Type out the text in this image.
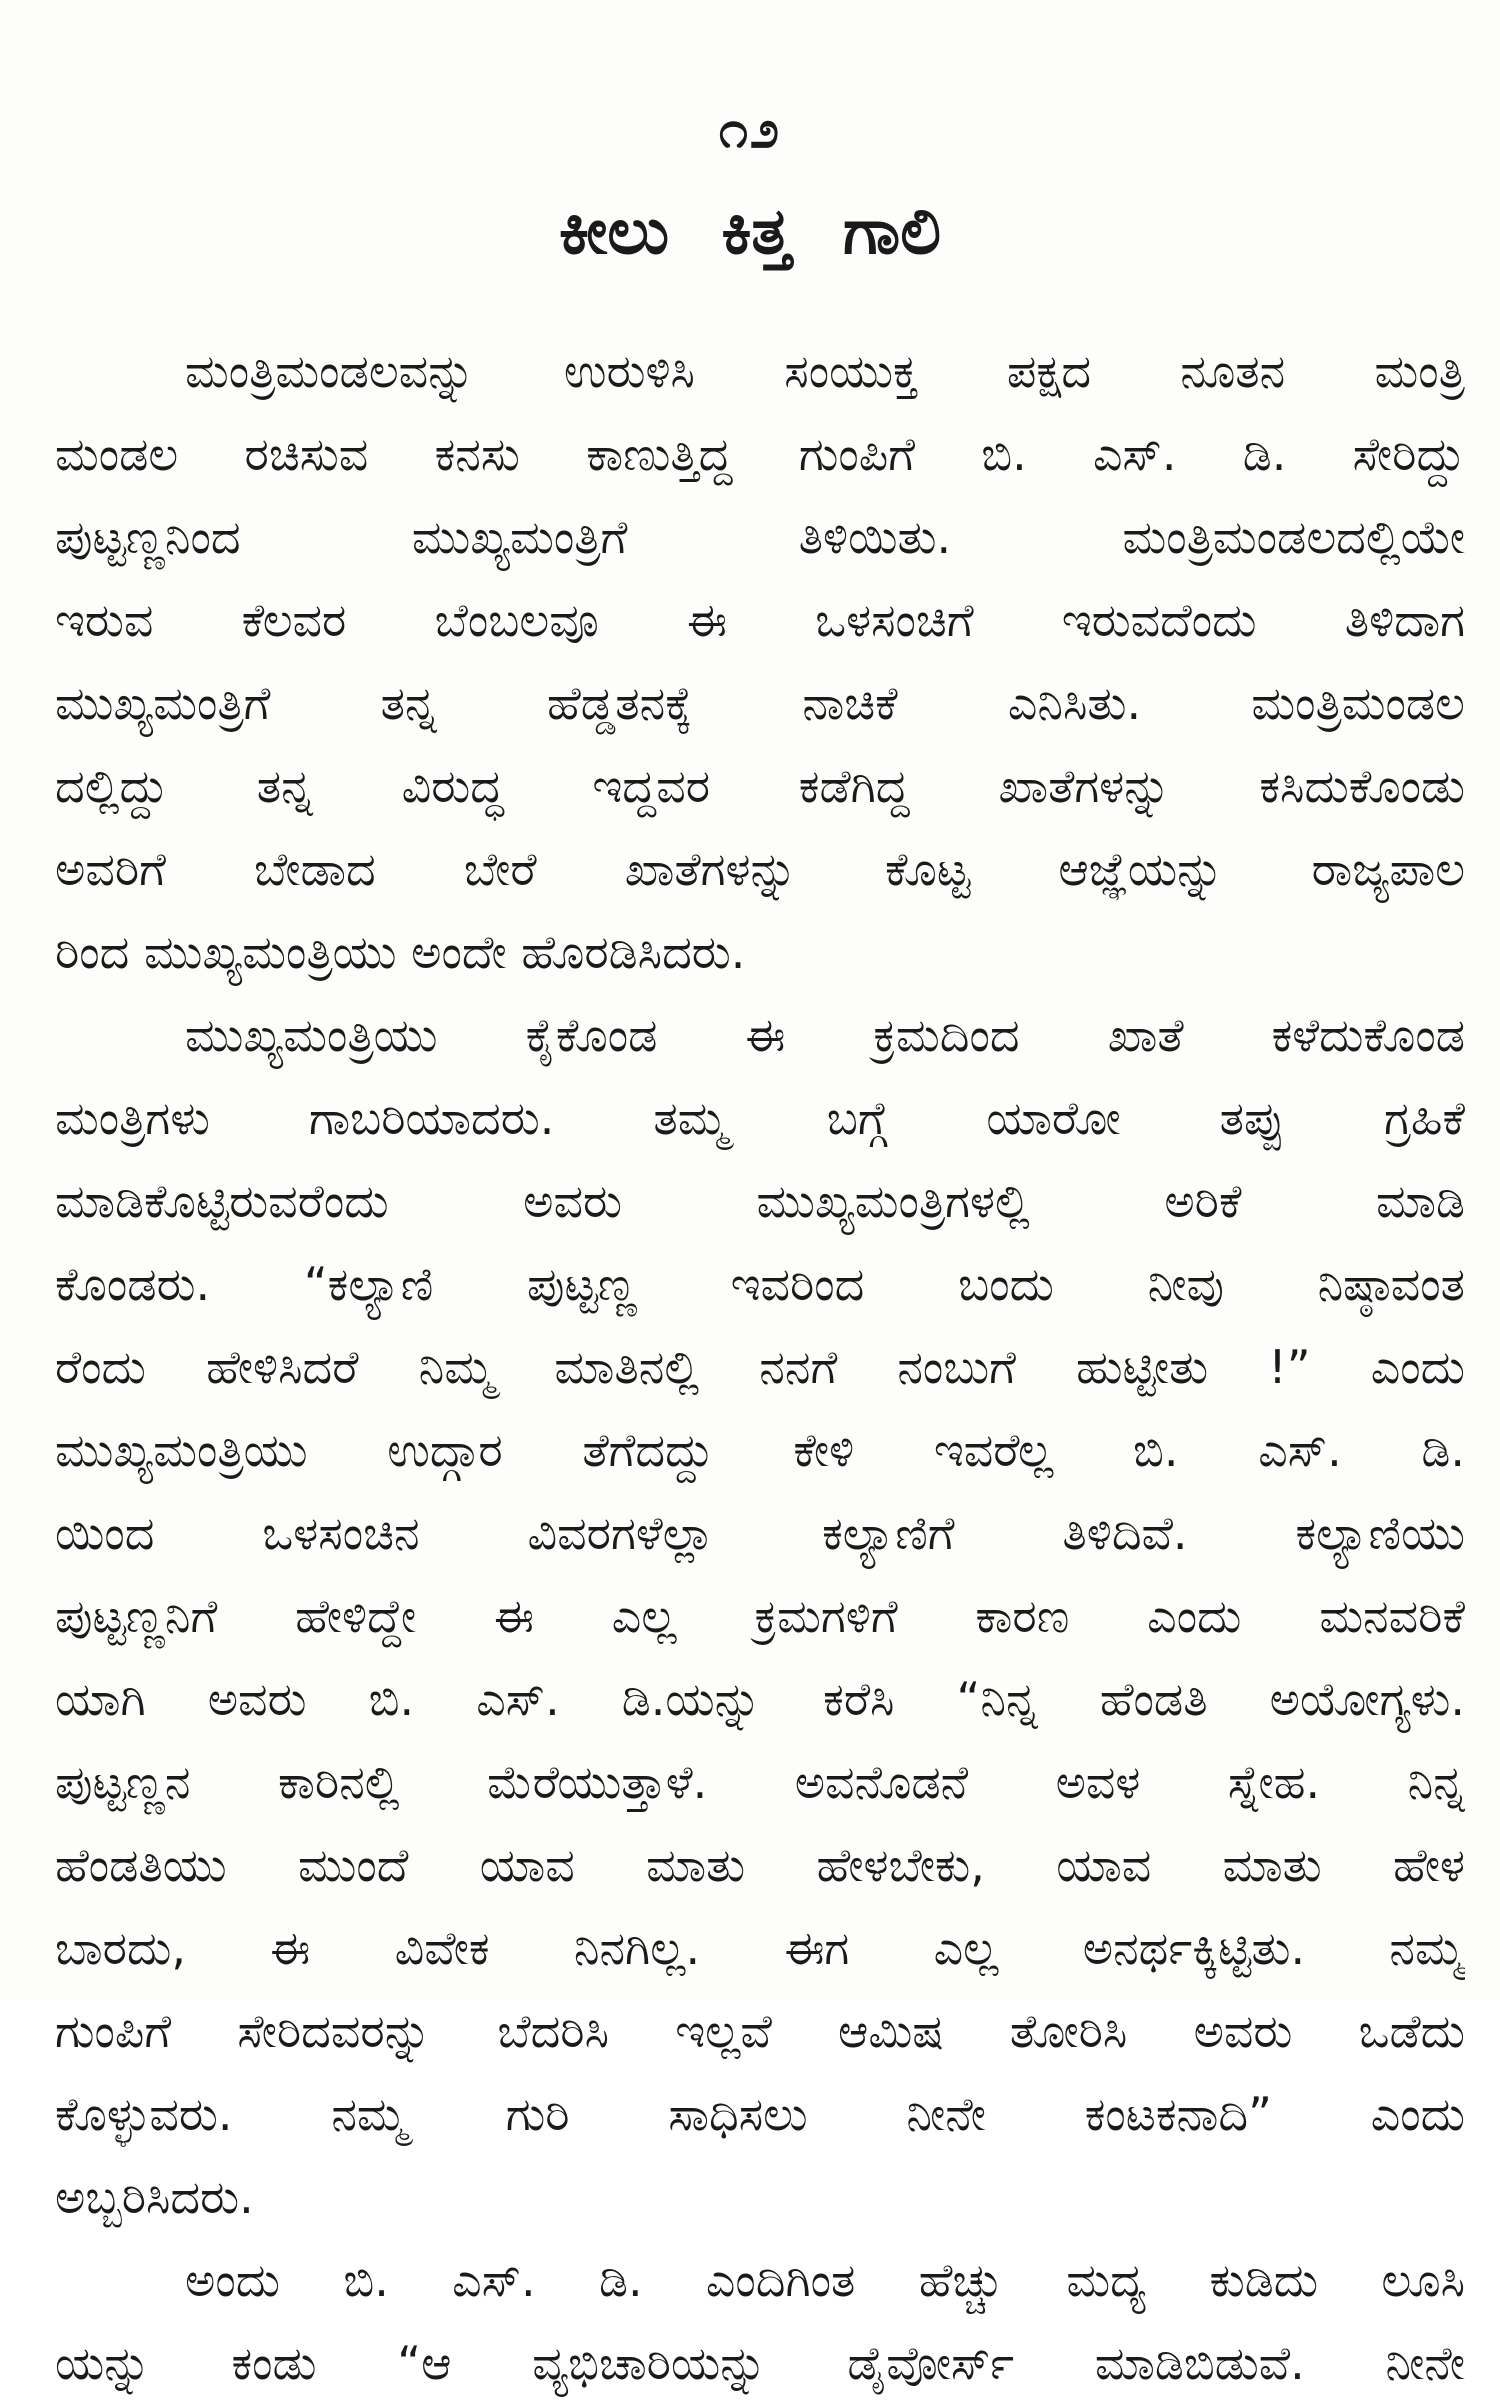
೧೨
ಕೀಲು ಕಿತ್ತ ಗಾಲಿ
ಮಂತ್ರಿಮಂಡಲವನ್ನು ಉರುಳಿಸಿ ಸಂಯುಕ್ತ ಪಕ್ಷದ ನೂತನ ಮಂತ್ರಿ
ಮಂಡಲ ರಚಿಸುವ ಕನಸು ಕಾಣುತ್ತಿದ್ದ ಗುಂಪಿಗೆ ಬಿ. ಎಸ್. ಡಿ. ಸೇರಿದ್ದು
ಪುಟ್ಟಣ್ಣನಿಂದ ಮುಖ್ಯಮಂತ್ರಿಗೆ ತಿಳಿಯಿತು. ಮಂತ್ರಿಮಂಡಲದಲ್ಲಿಯೇ
ಇರುವ ಕೆಲವರ ಬೆಂಬಲವೂ ಈ ಒಳಸಂಚಿಗೆ ಇರುವದೆಂದು ತಿಳಿದಾಗ
ಮುಖ್ಯಮಂತ್ರಿಗೆ ತನ್ನ ಹೆಡ್ಡತನಕ್ಕೆ ನಾಚಿಕೆ ಎನಿಸಿತು. ಮಂತ್ರಿಮಂಡಲ
ದಲ್ಲಿದ್ದು ತನ್ನ ವಿರುದ್ಧ ಇದ್ದವರ ಕಡೆಗಿದ್ದ ಖಾತೆಗಳನ್ನು ಕಸಿದುಕೊಂಡು
ಅವರಿಗೆ ಬೇಡಾದ ಬೇರೆ ಖಾತೆಗಳನ್ನು ಕೊಟ್ಟ ಆಜ್ಞೆಯನ್ನು ರಾಜ್ಯಪಾಲ
ರಿಂದ ಮುಖ್ಯಮಂತ್ರಿಯು ಅಂದೇ ಹೊರಡಿಸಿದರು.
ಮುಖ್ಯಮಂತ್ರಿಯು ಕೈಕೊಂಡ ಈ ಕ್ರಮದಿಂದ ಖಾತೆ ಕಳೆದುಕೊಂಡ
ಮಂತ್ರಿಗಳು ಗಾಬರಿಯಾದರು. ತಮ್ಮ ಬಗ್ಗೆ ಯಾರೋ ತಪ್ಪು ಗ್ರಹಿಕೆ
ಮಾಡಿಕೊಟ್ಟಿರುವರೆಂದು ಅವರು ಮುಖ್ಯಮಂತ್ರಿಗಳಲ್ಲಿ ಅರಿಕೆ ಮಾಡಿ
ಕೊಂಡರು. “ಕಲ್ಯಾಣಿ ಪುಟ್ಟಣ್ಣ ಇವರಿಂದ ಬಂದು ನೀವು ನಿಷ್ಠಾವಂತ
ರೆಂದು ಹೇಳಿಸಿದರೆ ನಿಮ್ಮ ಮಾತಿನಲ್ಲಿ ನನಗೆ ನಂಬುಗೆ ಹುಟ್ಟೀತು !” ಎಂದು
ಮುಖ್ಯಮಂತ್ರಿಯು ಉದ್ಗಾರ ತೆಗೆದದ್ದು ಕೇಳಿ ಇವರೆಲ್ಲ ಬಿ. ಎಸ್. ಡಿ.
ಯಿಂದ ಒಳಸಂಚಿನ ವಿವರಗಳೆಲ್ಲಾ ಕಲ್ಯಾಣಿಗೆ ತಿಳಿದಿವೆ. ಕಲ್ಯಾಣಿಯು
ಪುಟ್ಟಣ್ಣನಿಗೆ ಹೇಳಿದ್ದೇ ಈ ಎಲ್ಲ ಕ್ರಮಗಳಿಗೆ ಕಾರಣ ಎಂದು ಮನವರಿಕೆ
ಯಾಗಿ ಅವರು ಬಿ. ಎಸ್. ಡಿ.ಯನ್ನು ಕರೆಸಿ “ನಿನ್ನ ಹೆಂಡತಿ ಅಯೋಗ್ಯಳು.
ಪುಟ್ಟಣ್ಣನ ಕಾರಿನಲ್ಲಿ ಮೆರೆಯುತ್ತಾಳೆ. ಅವನೊಡನೆ ಅವಳ ಸ್ನೇಹ. ನಿನ್ನ
ಹೆಂಡತಿಯು ಮುಂದೆ ಯಾವ ಮಾತು ಹೇಳಬೇಕು, ಯಾವ ಮಾತು ಹೇಳ
ಬಾರದು, ಈ ವಿವೇಕ ನಿನಗಿಲ್ಲ. ಈಗ ಎಲ್ಲ ಅನರ್ಥಕ್ಕಿಟ್ಟಿತು. ನಮ್ಮ
ಗುಂಪಿಗೆ ಸೇರಿದವರನ್ನು ಬೆದರಿಸಿ ಇಲ್ಲವೆ ಆಮಿಷ ತೋರಿಸಿ ಅವರು ಒಡೆದು
ಕೊಳ್ಳುವರು. ನಮ್ಮ ಗುರಿ ಸಾಧಿಸಲು ನೀನೇ ಕಂಟಕನಾದಿ” ಎಂದು
ಅಬ್ಬರಿಸಿದರು.
ಅಂದು ಬಿ. ಎಸ್. ಡಿ. ಎಂದಿಗಿಂತ ಹೆಚ್ಚು ಮದ್ಯ ಕುಡಿದು ಲೂಸಿ
ಯನ್ನು ಕಂಡು “ಆ ವ್ಯಭಿಚಾರಿಯನ್ನು ಡೈವೋರ್ಸ್ ಮಾಡಿಬಿಡುವೆ. ನೀನೇ
